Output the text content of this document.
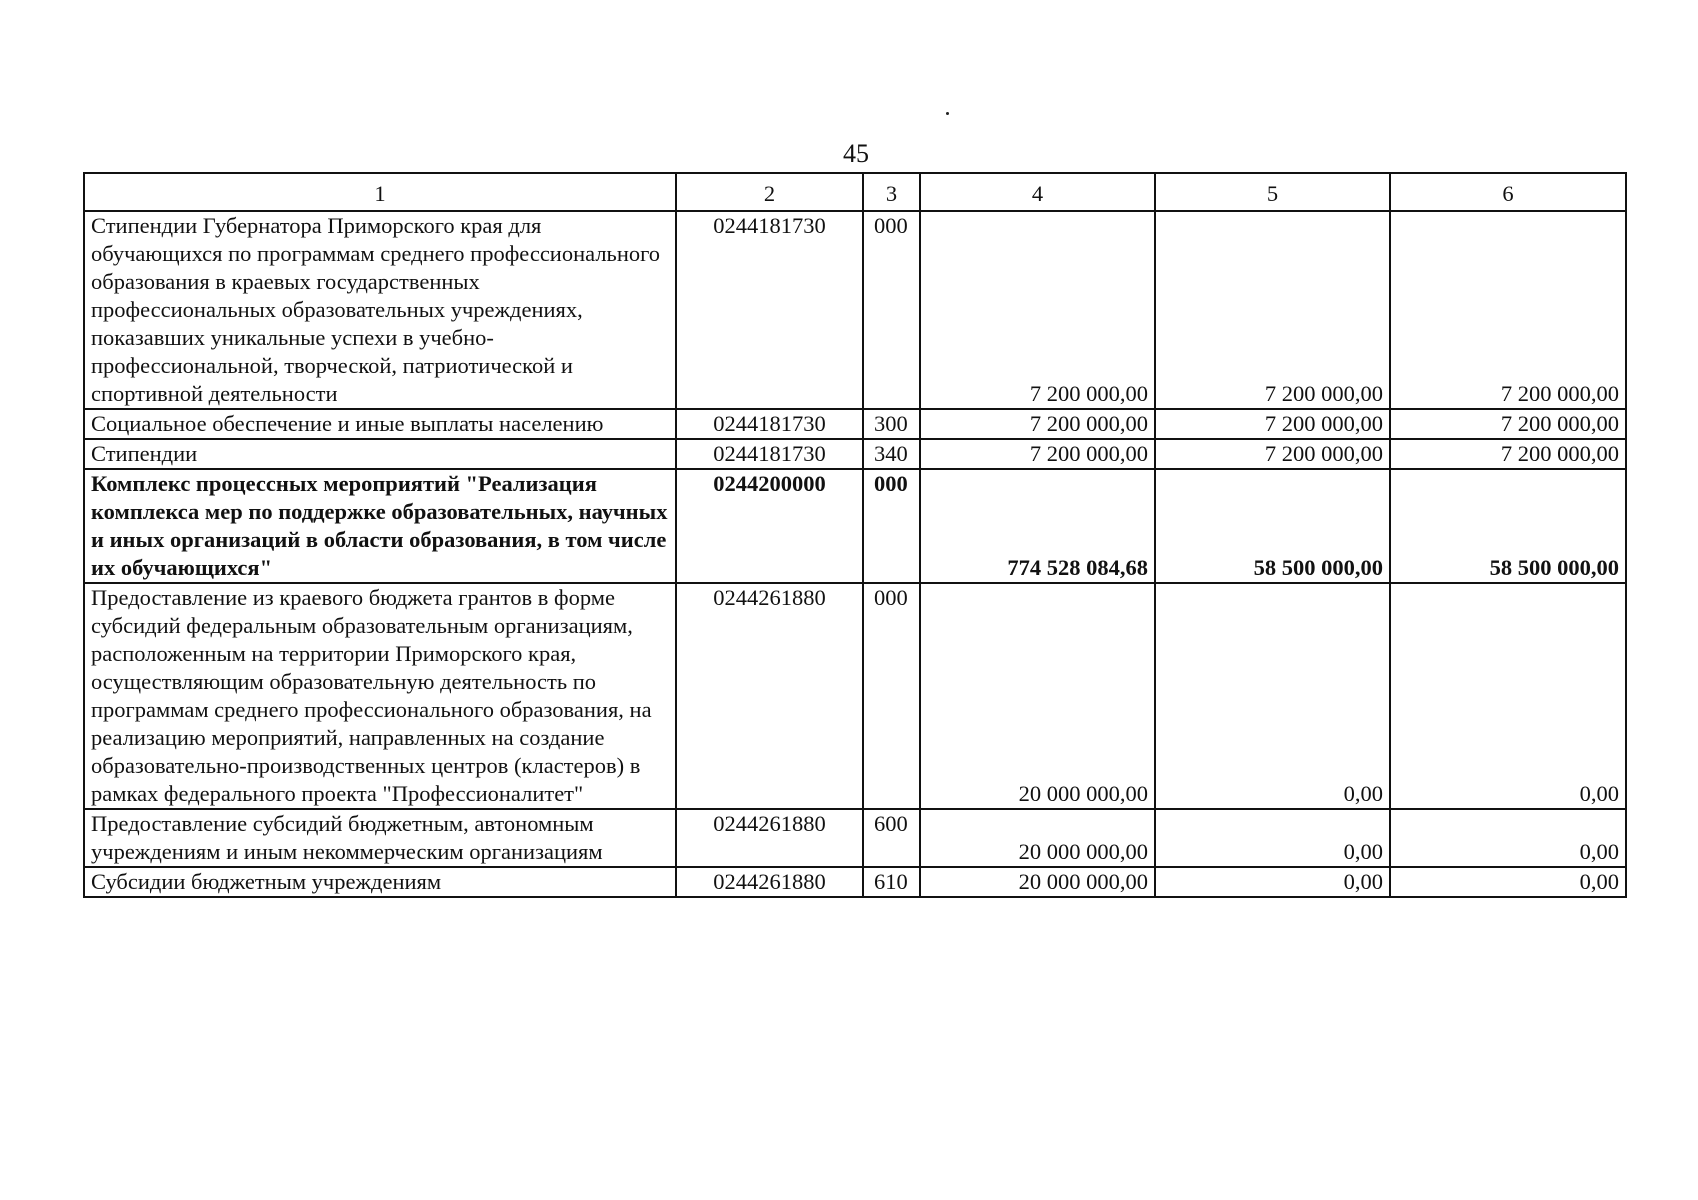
45
1	2	3	4	5	6
Стипендии Губернатора Приморского края для обучающихся по программам среднего профессионального образования в краевых государственных профессиональных образовательных учреждениях, показавших уникальные успехи в учебно-профессиональной, творческой, патриотической и спортивной деятельности	0244181730	000	7 200 000,00	7 200 000,00	7 200 000,00
Социальное обеспечение и иные выплаты населению	0244181730	300	7 200 000,00	7 200 000,00	7 200 000,00
Стипендии	0244181730	340	7 200 000,00	7 200 000,00	7 200 000,00
Комплекс процессных мероприятий "Реализация комплекса мер по поддержке образовательных, научных и иных организаций в области образования, в том числе их обучающихся"	0244200000	000	774 528 084,68	58 500 000,00	58 500 000,00
Предоставление из краевого бюджета грантов в форме субсидий федеральным образовательным организациям, расположенным на территории Приморского края, осуществляющим образовательную деятельность по программам среднего профессионального образования, на реализацию мероприятий, направленных на создание образовательно-производственных центров (кластеров) в рамках федерального проекта "Профессионалитет"	0244261880	000	20 000 000,00	0,00	0,00
Предоставление субсидий бюджетным, автономным учреждениям и иным некоммерческим организациям	0244261880	600	20 000 000,00	0,00	0,00
Субсидии бюджетным учреждениям	0244261880	610	20 000 000,00	0,00	0,00
